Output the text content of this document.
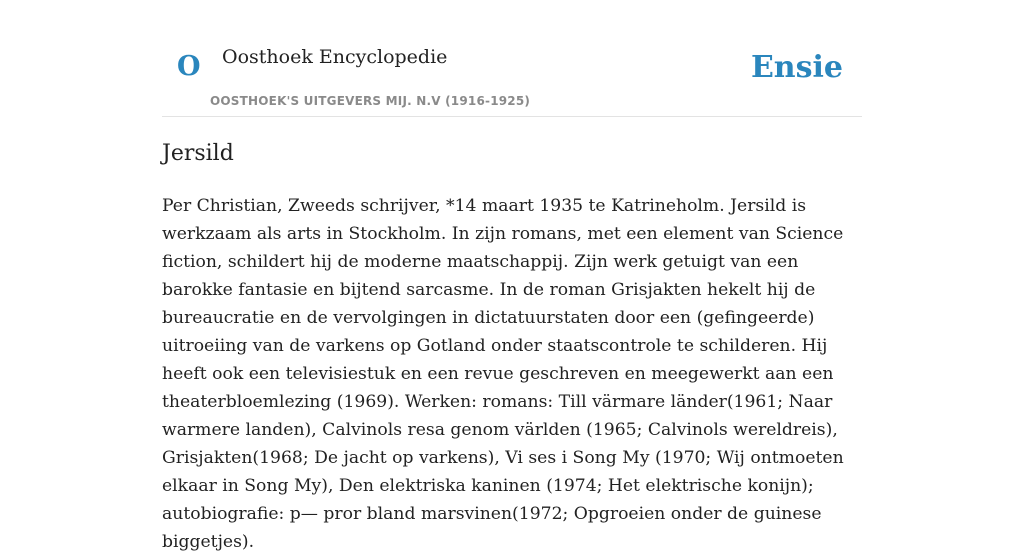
O Oosthoek Encyclopedie
OOSTHOEK'S UITGEVERS MIJ. N.V (1916-1925)
Ensie
Jersild

Per Christian, Zweeds schrijver, *14 maart 1935 te Katrineholm. Jersild is werkzaam als arts in Stockholm. In zijn romans, met een element van Science fiction, schildert hij de moderne maatschappij. Zijn werk getuigt van een barokke fantasie en bijtend sarcasme. In de roman Grisjakten hekelt hij de bureaucratie en de vervolgingen in dictatuurstaten door een (gefingeerde) uitroeiing van de varkens op Gotland onder staatscontrole te schilderen. Hij heeft ook een televisiestuk en een revue geschreven en meegewerkt aan een theaterbloemlezing (1969). Werken: romans: Till värmare länder(1961; Naar warmere landen), Calvinols resa genom världen (1965; Calvinols wereldreis), Grisjakten(1968; De jacht op varkens), Vi ses i Song My (1970; Wij ontmoeten elkaar in Song My), Den elektriska kaninen (1974; Het elektrische konijn); autobiografie: p— pror bland marsvinen(1972; Opgroeien onder de guinese biggetjes).
